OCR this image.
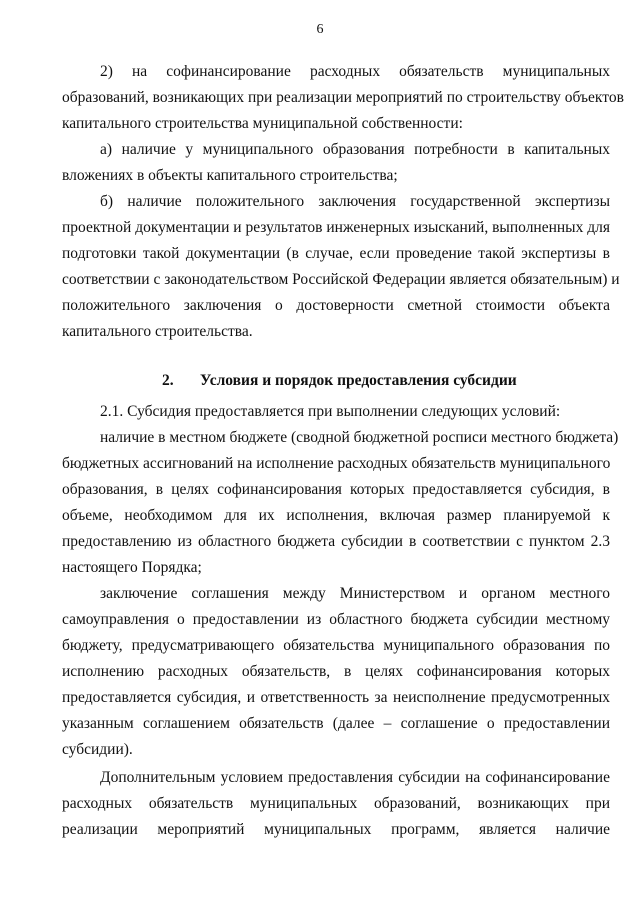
6
2) на софинансирование расходных обязательств муниципальных
образований, возникающих при реализации мероприятий по строительству объектов
капитального строительства муниципальной собственности:
а) наличие у муниципального образования потребности в капитальных
вложениях в объекты капитального строительства;
б) наличие положительного заключения государственной экспертизы
проектной документации и результатов инженерных изысканий, выполненных для
подготовки такой документации (в случае, если проведение такой экспертизы в
соответствии с законодательством Российской Федерации является обязательным) и
положительного заключения о достоверности сметной стоимости объекта
капитального строительства.
2. Условия и порядок предоставления субсидии
2.1. Субсидия предоставляется при выполнении следующих условий:
наличие в местном бюджете (сводной бюджетной росписи местного бюджета)
бюджетных ассигнований на исполнение расходных обязательств муниципального
образования, в целях софинансирования которых предоставляется субсидия, в
объеме, необходимом для их исполнения, включая размер планируемой к
предоставлению из областного бюджета субсидии в соответствии с пунктом 2.3
настоящего Порядка;
заключение соглашения между Министерством и органом местного
самоуправления о предоставлении из областного бюджета субсидии местному
бюджету, предусматривающего обязательства муниципального образования по
исполнению расходных обязательств, в целях софинансирования которых
предоставляется субсидия, и ответственность за неисполнение предусмотренных
указанным соглашением обязательств (далее – соглашение о предоставлении
субсидии).
Дополнительным условием предоставления субсидии на софинансирование
расходных обязательств муниципальных образований, возникающих при
реализации мероприятий муниципальных программ, является наличие
